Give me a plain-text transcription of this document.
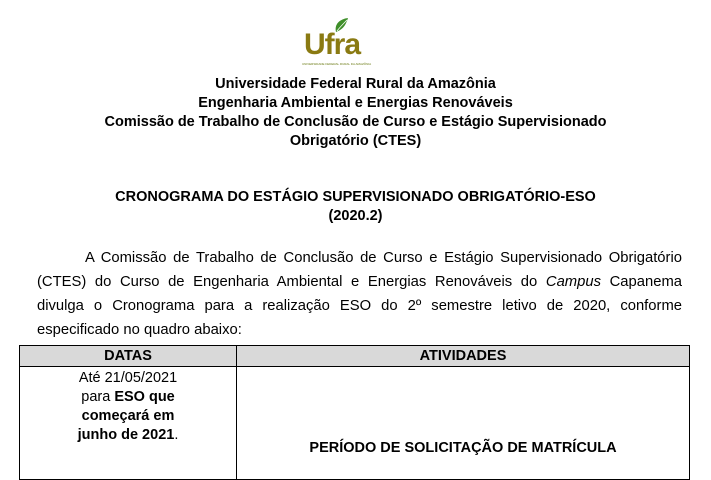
Ufra
UNIVERSIDADE FEDERAL RURAL DA AMAZÔNIA
Universidade Federal Rural da Amazônia
Engenharia Ambiental e Energias Renováveis
Comissão de Trabalho de Conclusão de Curso e Estágio Supervisionado
Obrigatório (CTES)
CRONOGRAMA DO ESTÁGIO SUPERVISIONADO OBRIGATÓRIO-ESO
(2020.2)
A Comissão de Trabalho de Conclusão de Curso e Estágio Supervisionado Obrigatório (CTES) do Curso de Engenharia Ambiental e Energias Renováveis do Campus Capanema divulga o Cronograma para a realização ESO do 2º semestre letivo de 2020, conforme especificado no quadro abaixo:
DATAS	ATIVIDADES

Até 21/05/2021
para ESO que
começará em
junho de 2021.	PERÍODO DE SOLICITAÇÃO DE MATRÍCULA
